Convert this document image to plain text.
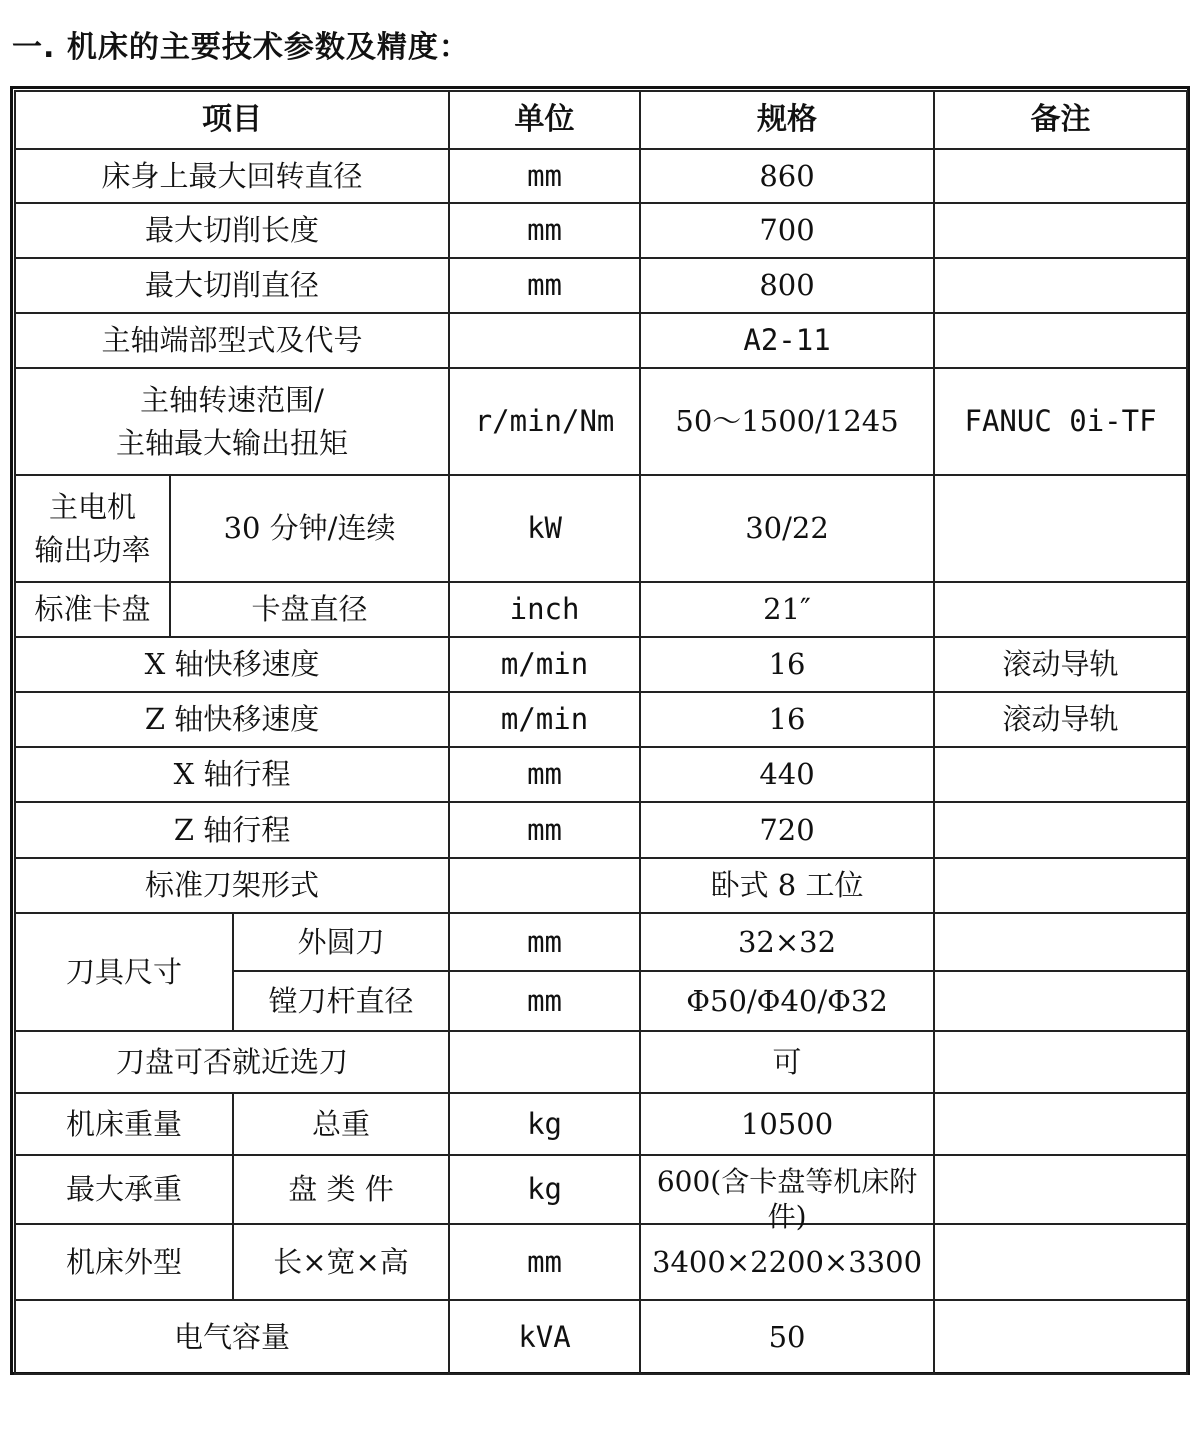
一. 机床的主要技术参数及精度：
项目			单位	规格	备注
床身上最大回转直径			mm	860	
最大切削长度			mm	700	
最大切削直径			mm	800	
主轴端部型式及代号				A2-11	

主轴转速范围/
主轴最大输出扭矩			r/min/Nm	50～1500/1245	FANUC 0i-TF

主电机
输出功率	30 分钟/连续		kW	30/22	
标准卡盘	卡盘直径		inch	21″	
X 轴快移速度			m/min	16	滚动导轨
Z 轴快移速度			m/min	16	滚动导轨
X 轴行程			mm	440	
Z 轴行程			mm	720	
标准刀架形式				卧式 8 工位	
刀具尺寸		外圆刀	mm	32×32	
		镗刀杆直径	mm	Φ50/Φ40/Φ32	
刀盘可否就近选刀				可	
机床重量		总重	kg	10500	
最大承重		盘 类 件	kg	600(含卡盘等机床附件)	

机床外型		长×宽×高	mm	3400×2200×3300	
电气容量			kVA	50	
